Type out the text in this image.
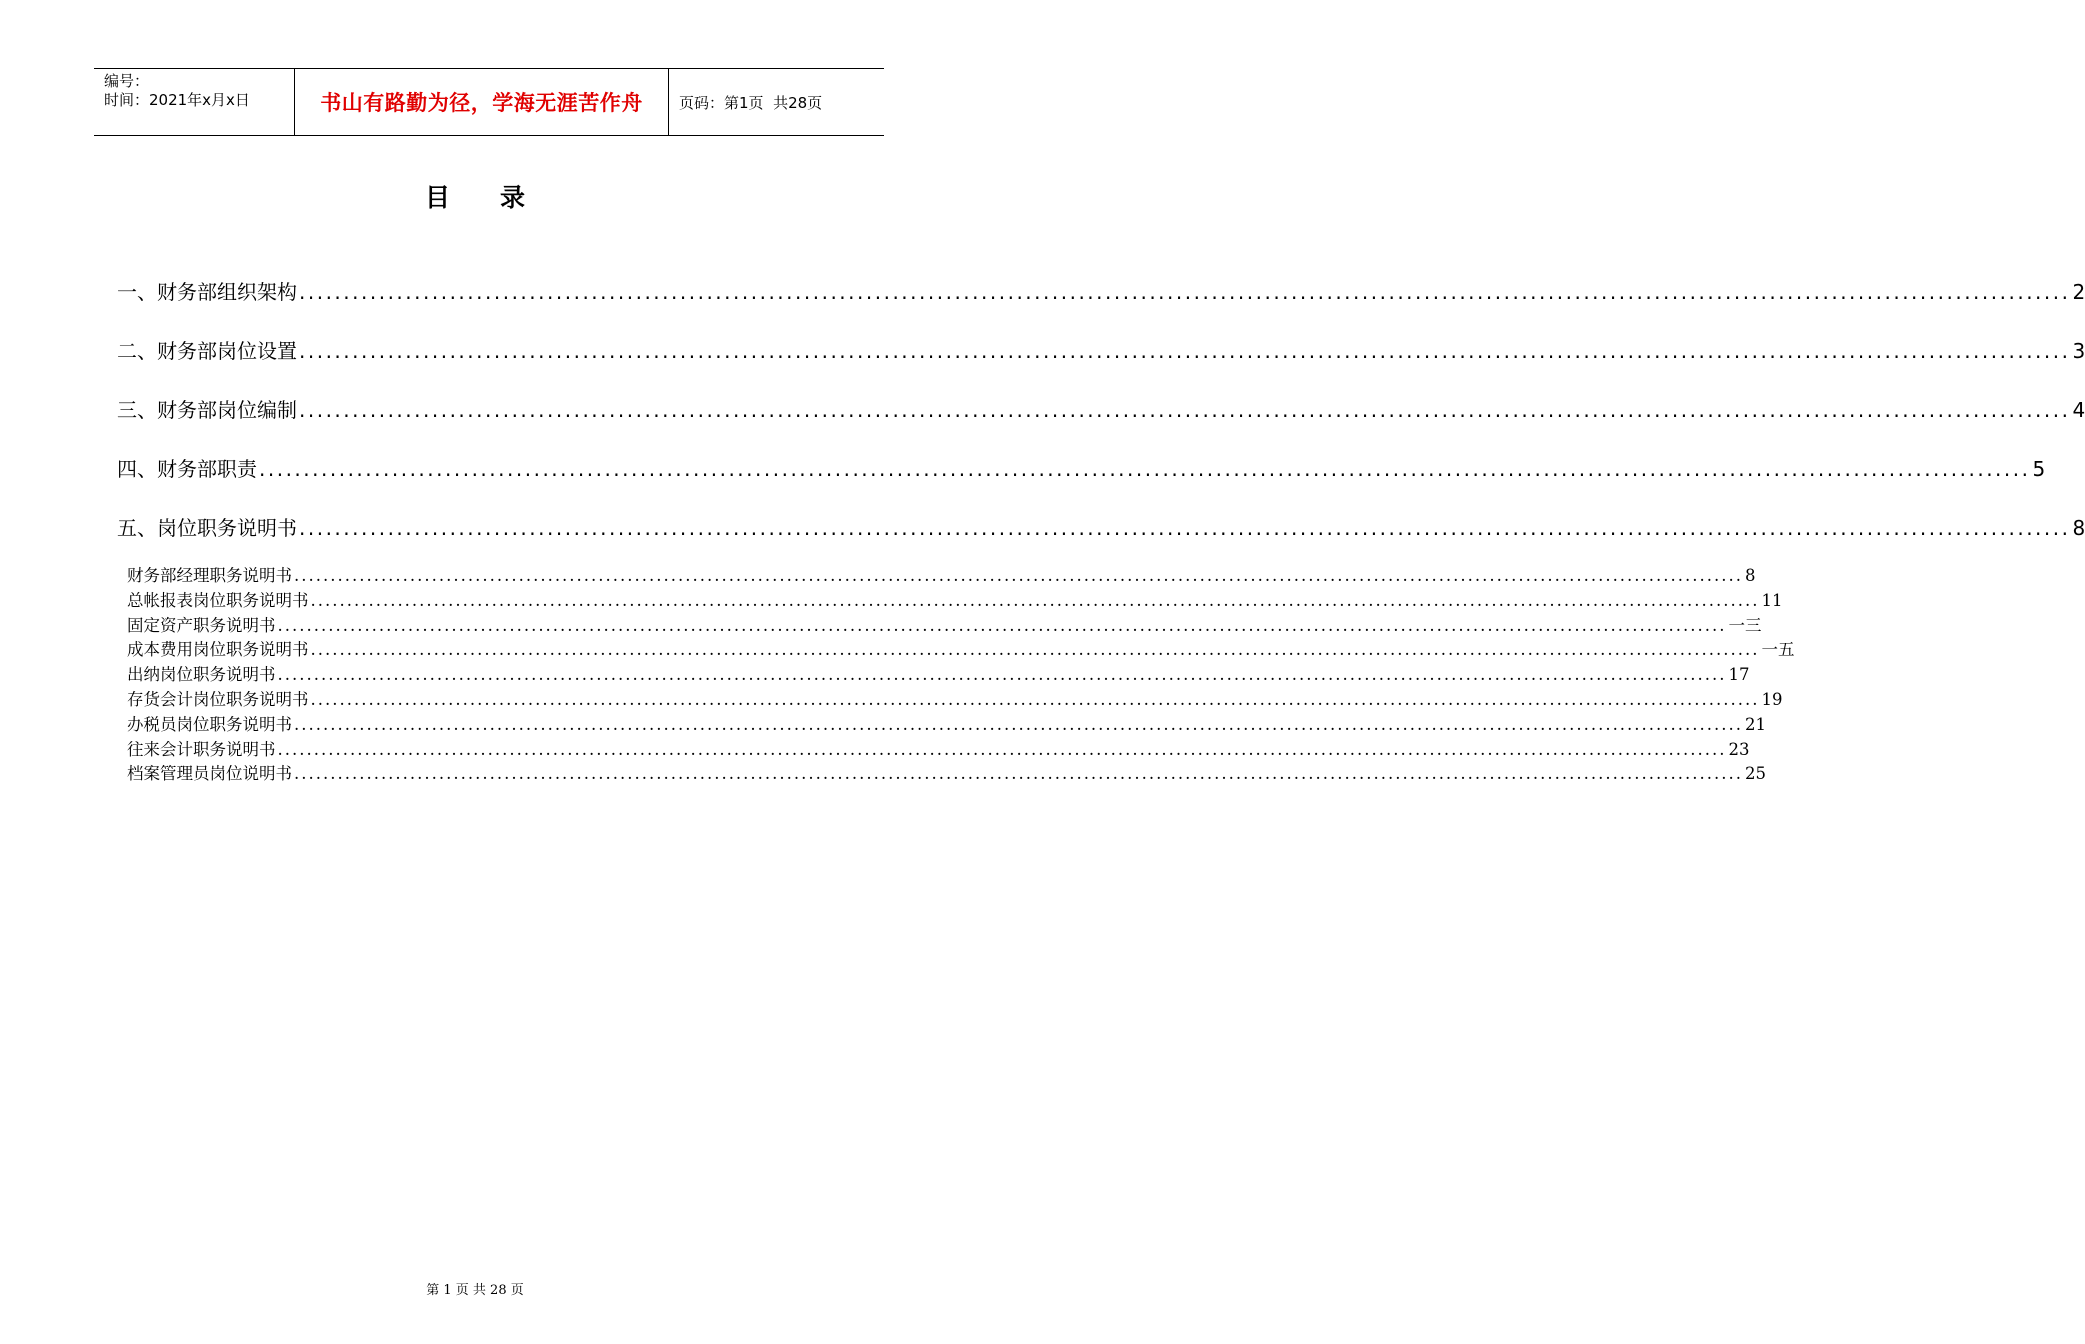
编号：
时间：2021年x月x日	书山有路勤为径，学海无涯苦作舟	页码：第1页  共28页
目 录
一、财务部组织架构 ........................................................................................................................................................................................................ 2
二、财务部岗位设置 ........................................................................................................................................................................................................ 3
三、财务部岗位编制 ........................................................................................................................................................................................................ 4
四、财务部职责 ........................................................................................................................................................................................................ 5
五、岗位职务说明书 ........................................................................................................................................................................................................ 8
财务部经理职务说明书 ........................................................................................................................................................................................................ 8
总帐报表岗位职务说明书 ........................................................................................................................................................................................................ 11
固定资产职务说明书 ........................................................................................................................................................................................................ 一三
成本费用岗位职务说明书 ........................................................................................................................................................................................................ 一五
出纳岗位职务说明书 ........................................................................................................................................................................................................ 17
存货会计岗位职务说明书 ........................................................................................................................................................................................................ 19
办税员岗位职务说明书 ........................................................................................................................................................................................................ 21
往来会计职务说明书 ........................................................................................................................................................................................................ 23
档案管理员岗位说明书 ........................................................................................................................................................................................................ 25
第 1 页 共 28 页
